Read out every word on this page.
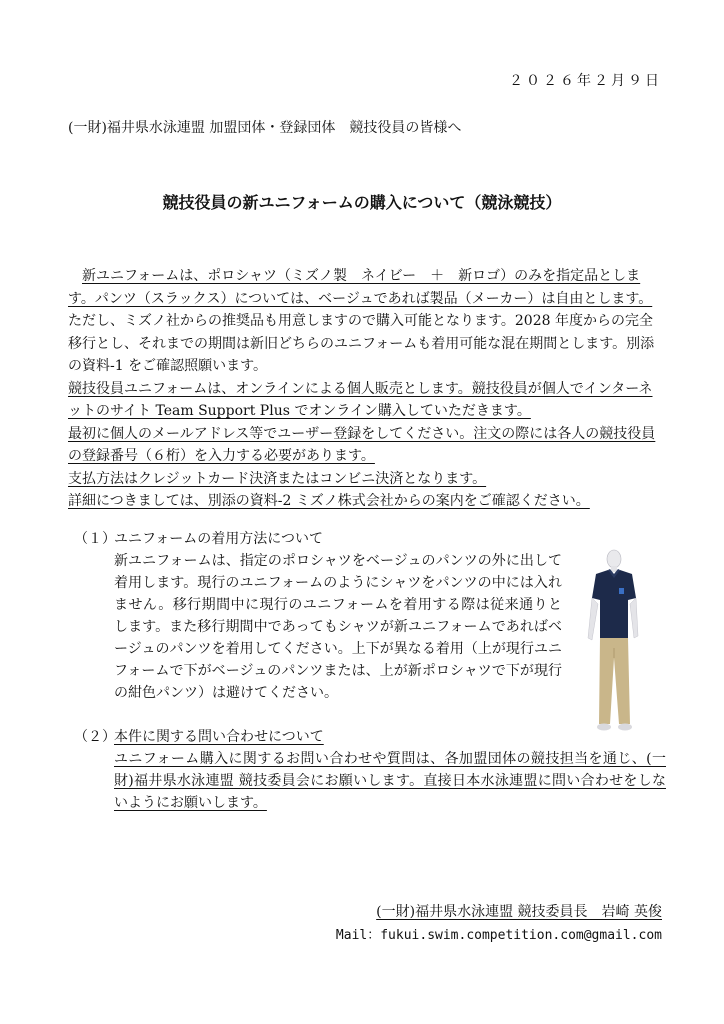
２０２６年２月９日
(一財)福井県水泳連盟 加盟団体・登録団体　競技役員の皆様へ
競技役員の新ユニフォームの購入について（競泳競技）

新ユニフォームは、ポロシャツ（ミズノ製　ネイビー　＋　新ロゴ）のみを指定品とします。パンツ（スラックス）については、ベージュであれば製品（メーカー）は自由とします。ただし、ミズノ社からの推奨品も用意しますので購入可能となります。2028 年度からの完全移行とし、それまでの期間は新旧どちらのユニフォームも着用可能な混在期間とします。別添の資料-1 をご確認照願います。

競技役員ユニフォームは、オンラインによる個人販売とします。競技役員が個人でインターネットのサイト Team Support Plus でオンライン購入していただきます。

最初に個人のメールアドレス等でユーザー登録をしてください。注文の際には各人の競技役員の登録番号（６桁）を入力する必要があります。

支払方法はクレジットカード決済またはコンビニ決済となります。

詳細につきましては、別添の資料-2 ミズノ株式会社からの案内をご確認ください。

（１）
ユニフォームの着用方法について
新ユニフォームは、指定のポロシャツをベージュのパンツの外に出して着用します。現行のユニフォームのようにシャツをパンツの中には入れません。移行期間中に現行のユニフォームを着用する際は従来通りとします。また移行期間中であってもシャツが新ユニフォームであればベージュのパンツを着用してください。上下が異なる着用（上が現行ユニフォームで下がベージュのパンツまたは、上が新ポロシャツで下が現行の紺色パンツ）は避けてください。
（２）
本件に関する問い合わせについて
ユニフォーム購入に関するお問い合わせや質問は、各加盟団体の競技担当を通じ、(一財)福井県水泳連盟 競技委員会にお願いします。直接日本水泳連盟に問い合わせをしないようにお願いします。
(一財)福井県水泳連盟 競技委員長　岩崎 英俊
Mail：fukui.swim.competition.com@gmail.com
